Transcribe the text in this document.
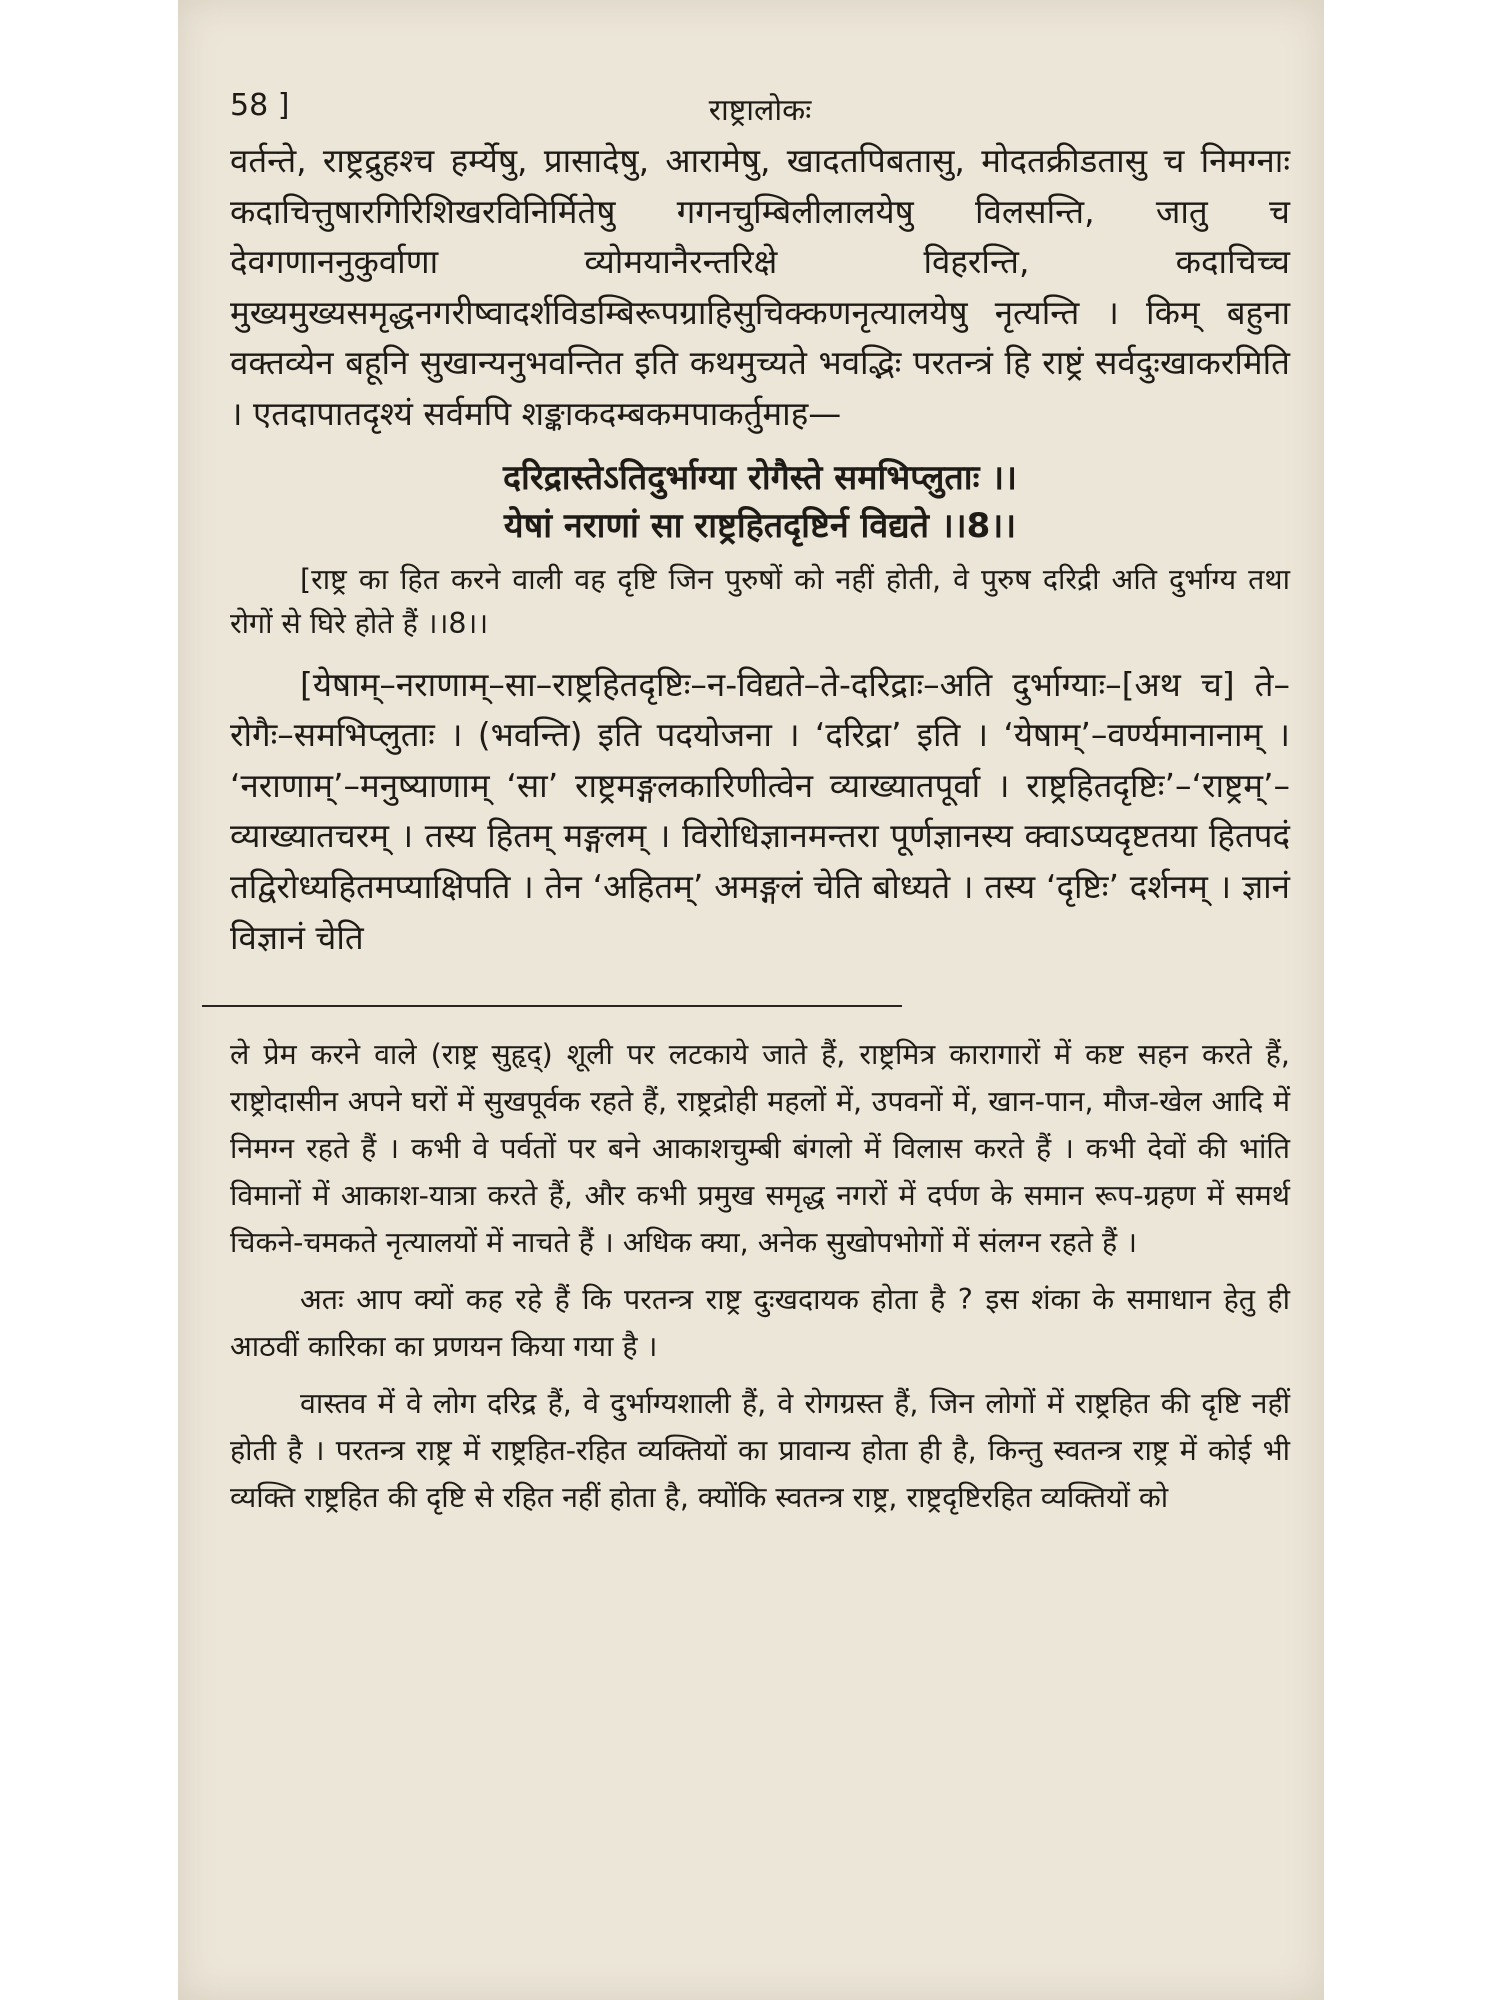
58 ]	राष्ट्रालोकः

वर्तन्ते, राष्ट्रद्रुहश्च हर्म्येषु, प्रासादेषु, आरामेषु, खादतपिबतासु, मोदतक्रीडतासु च निमग्नाः कदाचित्तुषारगिरिशिखरविनिर्मितेषु गगनचुम्बिलीलालयेषु विलसन्ति, जातु च देवगणाननुकुर्वाणा व्योमयानैरन्तरिक्षे विहरन्ति, कदाचिच्च मुख्यमुख्यसमृद्धनगरीष्वादर्शविडम्बिरूपग्राहिसुचिक्कणनृत्यालयेषु नृत्यन्ति । किम् बहुना वक्तव्येन बहूनि सुखान्यनुभवन्तित इति कथमुच्यते भवद्भिः परतन्त्रं हि राष्ट्रं सर्वदुःखाकरमिति । एतदापातदृश्यं सर्वमपि शङ्काकदम्बकमपाकर्तुमाह—

दरिद्रास्तेऽतिदुर्भाग्या रोगैस्ते समभिप्लुताः ।।
येषां नराणां सा राष्ट्रहितदृष्टिर्न विद्यते ।।8।।

[राष्ट्र का हित करने वाली वह दृष्टि जिन पुरुषों को नहीं होती, वे पुरुष दरिद्री अति दुर्भाग्य तथा रोगों से घिरे होते हैं ।।8।।

[येषाम्–नराणाम्–सा–राष्ट्रहितदृष्टिः–न-विद्यते–ते-दरिद्राः–अति दुर्भाग्याः–[अथ च] ते–रोगैः–समभिप्लुताः । (भवन्ति) इति पदयोजना । ‘दरिद्रा’ इति । ‘येषाम्’–वर्ण्यमानानाम् । ‘नराणाम्’–मनुष्याणाम् ‘सा’ राष्ट्रमङ्गलकारिणीत्वेन व्याख्यातपूर्वा । राष्ट्रहितदृष्टिः’–‘राष्ट्रम्’–व्याख्यातचरम् । तस्य हितम् मङ्गलम् । विरोधिज्ञानमन्तरा पूर्णज्ञानस्य क्वाऽप्यदृष्टतया हितपदं तद्विरोध्यहितमप्याक्षिपति । तेन ‘अहितम्’ अमङ्गलं चेति बोध्यते । तस्य ‘दृष्टिः’ दर्शनम् । ज्ञानं विज्ञानं चेति

ले प्रेम करने वाले (राष्ट्र सुहृद्) शूली पर लटकाये जाते हैं, राष्ट्रमित्र कारागारों में कष्ट सहन करते हैं, राष्ट्रोदासीन अपने घरों में सुखपूर्वक रहते हैं, राष्ट्रद्रोही महलों में, उपवनों में, खान-पान, मौज-खेल आदि में निमग्न रहते हैं । कभी वे पर्वतों पर बने आकाशचुम्बी बंगलो में विलास करते हैं । कभी देवों की भांति विमानों में आकाश-यात्रा करते हैं, और कभी प्रमुख समृद्ध नगरों में दर्पण के समान रूप-ग्रहण में समर्थ चिकने-चमकते नृत्यालयों में नाचते हैं । अधिक क्या, अनेक सुखोपभोगों में संलग्न रहते हैं ।

अतः आप क्यों कह रहे हैं कि परतन्त्र राष्ट्र दुःखदायक होता है ? इस शंका के समाधान हेतु ही आठवीं कारिका का प्रणयन किया गया है ।

वास्तव में वे लोग दरिद्र हैं, वे दुर्भाग्यशाली हैं, वे रोगग्रस्त हैं, जिन लोगों में राष्ट्रहित की दृष्टि नहीं होती है । परतन्त्र राष्ट्र में राष्ट्रहित-रहित व्यक्तियों का प्रावान्य होता ही है, किन्तु स्वतन्त्र राष्ट्र में कोई भी व्यक्ति राष्ट्रहित की दृष्टि से रहित नहीं होता है, क्योंकि स्वतन्त्र राष्ट्र, राष्ट्रदृष्टिरहित व्यक्तियों को
